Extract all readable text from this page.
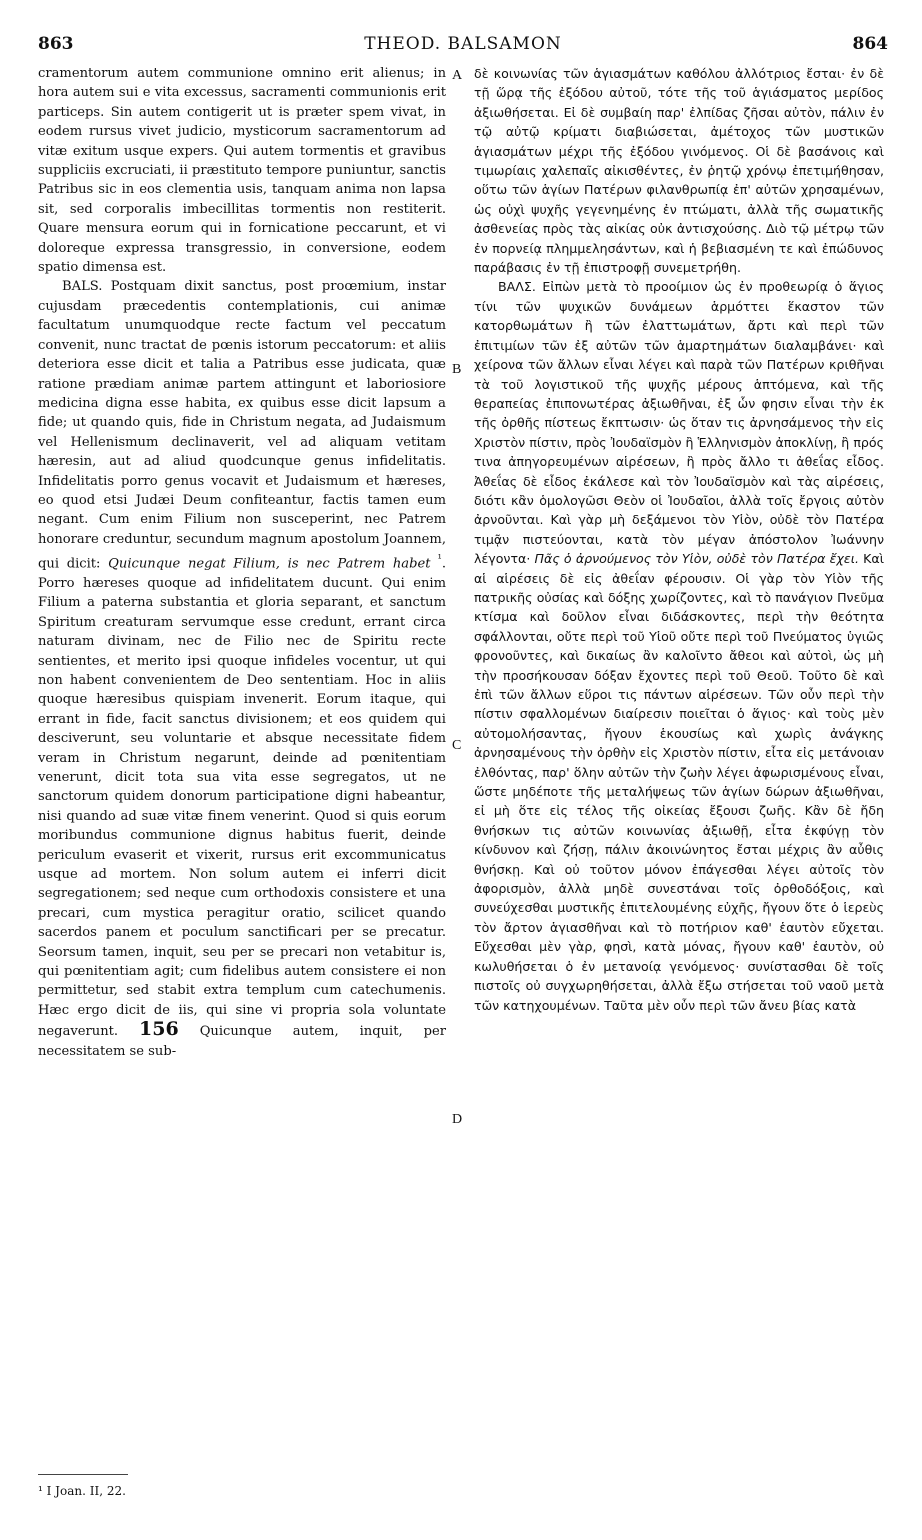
863	THEOD. BALSAMON	864

cramentorum autem communione omnino erit alienus; in hora autem sui e vita excessus, sacramenti communionis erit particeps. Sin autem contigerit ut is præter spem vivat, in eodem rursus vivet judicio, mysticorum sacramentorum ad vitæ exitum usque expers. Qui autem tormentis et gravibus suppliciis excruciati, ii præstituto tempore puniuntur, sanctis Patribus sic in eos clementia usis, tanquam anima non lapsa sit, sed corporalis imbecillitas tormentis non restiterit. Quare mensura eorum qui in fornicatione peccarunt, et vi doloreque expressa transgressio, in conversione, eodem spatio dimensa est.

BALS. Postquam dixit sanctus, post proœmium, instar cujusdam præcedentis contemplationis, cui animæ facultatum unumquodque recte factum vel peccatum convenit, nunc tractat de pœnis istorum peccatorum: et aliis deteriora esse dicit et talia a Patribus esse judicata, quæ ratione prædiam animæ partem attingunt et laboriosiore medicina digna esse habita, ex quibus esse dicit lapsum a fide; ut quando quis, fide in Christum negata, ad Judaismum vel Hellenismum declinaverit, vel ad aliquam vetitam hæresin, aut ad aliud quodcunque genus infidelitatis. Infidelitatis porro genus vocavit et Judaismum et hæreses, eo quod etsi Judæi Deum confiteantur, factis tamen eum negant. Cum enim Filium non susceperint, nec Patrem honorare creduntur, secundum magnum apostolum Joannem, qui dicit: Quicunque negat Filium, is nec Patrem habet $^{^1}$. Porro hæreses quoque ad infidelitatem ducunt. Qui enim Filium a paterna substantia et gloria separant, et sanctum Spiritum creaturam servumque esse credunt, errant circa naturam divinam, nec de Filio nec de Spiritu recte sentientes, et merito ipsi quoque infideles vocentur, ut qui non habent convenientem de Deo sententiam. Hoc in aliis quoque hæresibus quispiam invenerit. Eorum itaque, qui errant in fide, facit sanctus divisionem; et eos quidem qui desciverunt, seu voluntarie et absque necessitate fidem veram in Christum negarunt, deinde ad pœnitentiam venerunt, dicit tota sua vita esse segregatos, ut ne sanctorum quidem donorum participatione digni habeantur, nisi quando ad suæ vitæ finem venerint. Quod si quis eorum moribundus communione dignus habitus fuerit, deinde periculum evaserit et vixerit, rursus erit excommunicatus usque ad mortem. Non solum autem ei inferri dicit segregationem; sed neque cum orthodoxis consistere et una precari, cum mystica peragitur oratio, scilicet quando sacerdos panem et poculum sanctificari per se precatur. Seorsum tamen, inquit, seu per se precari non vetabitur is, qui pœnitentiam agit; cum fidelibus autem consistere ei non permittetur, sed stabit extra templum cum catechumenis. Hæc ergo dicit de iis, qui sine vi propria sola voluntate negaverunt. 156 Quicunque autem, inquit, per necessitatem se sub-

δὲ κοινωνίας τῶν ἁγιασμάτων καθόλου ἀλλότριος ἔσται· ἐν δὲ τῇ ὥρᾳ τῆς ἐξόδου αὐτοῦ, τότε τῆς τοῦ ἁγιάσματος μερίδος ἀξιωθήσεται. Εἰ δὲ συμβαίη παρ' ἐλπίδας ζῆσαι αὐτὸν, πάλιν ἐν τῷ αὐτῷ κρίματι διαβιώσεται, ἀμέτοχος τῶν μυστικῶν ἁγιασμάτων μέχρι τῆς ἐξόδου γινόμενος. Οἱ δὲ βασάνοις καὶ τιμωρίαις χαλεπαῖς αἰκισθέντες, ἐν ῥητῷ χρόνῳ ἐπετιμήθησαν, οὕτω τῶν ἁγίων Πατέρων φιλανθρωπίᾳ ἐπ' αὐτῶν χρησαμένων, ὡς οὐχὶ ψυχῆς γεγενημένης ἐν πτώματι, ἀλλὰ τῆς σωματικῆς ἀσθενείας πρὸς τὰς αἰκίας οὐκ ἀντισχούσης. Διὸ τῷ μέτρῳ τῶν ἐν πορνείᾳ πλημμελησάντων, καὶ ἡ βεβιασμένη τε καὶ ἐπώδυνος παράβασις ἐν τῇ ἐπιστροφῇ συνεμετρήθη.

ΒΑΛΣ. Εἰπὼν μετὰ τὸ προοίμιον ὡς ἐν προθεωρίᾳ ὁ ἅγιος τίνι τῶν ψυχικῶν δυνάμεων ἁρμόττει ἕκαστον τῶν κατορθωμάτων ἢ τῶν ἐλαττωμάτων, ἄρτι καὶ περὶ τῶν ἐπιτιμίων τῶν ἐξ αὐτῶν τῶν ἁμαρτημάτων διαλαμβάνει· καὶ χείρονα τῶν ἄλλων εἶναι λέγει καὶ παρὰ τῶν Πατέρων κριθῆναι τὰ τοῦ λογιστικοῦ τῆς ψυχῆς μέρους ἁπτόμενα, καὶ τῆς θεραπείας ἐπιπονωτέρας ἀξιωθῆναι, ἐξ ὧν φησιν εἶναι τὴν ἐκ τῆς ὀρθῆς πίστεως ἔκπτωσιν· ὡς ὅταν τις ἀρνησάμενος τὴν εἰς Χριστὸν πίστιν, πρὸς Ἰουδαϊσμὸν ἢ Ἑλληνισμὸν ἀποκλίνῃ, ἢ πρός τινα ἀπηγορευμένων αἱρέσεων, ἢ πρὸς ἄλλο τι ἀθεΐας εἶδος. Ἀθεΐας δὲ εἶδος ἐκάλεσε καὶ τὸν Ἰουδαϊσμὸν καὶ τὰς αἱρέσεις, διότι κἂν ὁμολογῶσι Θεὸν οἱ Ἰουδαῖοι, ἀλλὰ τοῖς ἔργοις αὐτὸν ἀρνοῦνται. Καὶ γὰρ μὴ δεξάμενοι τὸν Υἱὸν, οὐδὲ τὸν Πατέρα τιμᾷν πιστεύονται, κατὰ τὸν μέγαν ἀπόστολον Ἰωάννην λέγοντα· Πᾶς ὁ ἀρνούμενος τὸν Υἱὸν, οὐδὲ τὸν Πατέρα ἔχει. Καὶ αἱ αἱρέσεις δὲ εἰς ἀθεΐαν φέρουσιν. Οἱ γὰρ τὸν Υἱὸν τῆς πατρικῆς οὐσίας καὶ δόξης χωρίζοντες, καὶ τὸ πανάγιον Πνεῦμα κτίσμα καὶ δοῦλον εἶναι διδάσκοντες, περὶ τὴν θεότητα σφάλλονται, οὔτε περὶ τοῦ Υἱοῦ οὔτε περὶ τοῦ Πνεύματος ὑγιῶς φρονοῦντες, καὶ δικαίως ἂν καλοῖντο ἄθεοι καὶ αὐτοὶ, ὡς μὴ τὴν προσήκουσαν δόξαν ἔχοντες περὶ τοῦ Θεοῦ. Τοῦτο δὲ καὶ ἐπὶ τῶν ἄλλων εὕροι τις πάντων αἱρέσεων. Τῶν οὖν περὶ τὴν πίστιν σφαλλομένων διαίρεσιν ποιεῖται ὁ ἅγιος· καὶ τοὺς μὲν αὐτομολήσαντας, ἤγουν ἑκουσίως καὶ χωρὶς ἀνάγκης ἀρνησαμένους τὴν ὀρθὴν εἰς Χριστὸν πίστιν, εἶτα εἰς μετάνοιαν ἐλθόντας, παρ' ὅλην αὐτῶν τὴν ζωὴν λέγει ἀφωρισμένους εἶναι, ὥστε μηδέποτε τῆς μεταλήψεως τῶν ἁγίων δώρων ἀξιωθῆναι, εἰ μὴ ὅτε εἰς τέλος τῆς οἰκείας ἔξουσι ζωῆς. Κἂν δὲ ἤδη θνήσκων τις αὐτῶν κοινωνίας ἀξιωθῇ, εἶτα ἐκφύγῃ τὸν κίνδυνον καὶ ζήσῃ, πάλιν ἀκοινώνητος ἔσται μέχρις ἂν αὖθις θνήσκῃ. Καὶ οὐ τοῦτον μόνον ἐπάγεσθαι λέγει αὐτοῖς τὸν ἀφορισμὸν, ἀλλὰ μηδὲ συνεστάναι τοῖς ὀρθοδόξοις, καὶ συνεύχεσθαι μυστικῆς ἐπιτελουμένης εὐχῆς, ἤγουν ὅτε ὁ ἱερεὺς τὸν ἄρτον ἁγιασθῆναι καὶ τὸ ποτήριον καθ' ἑαυτὸν εὔχεται. Εὔχεσθαι μὲν γὰρ, φησὶ, κατὰ μόνας, ἤγουν καθ' ἑαυτὸν, οὐ κωλυθήσεται ὁ ἐν μετανοίᾳ γενόμενος· συνίστασθαι δὲ τοῖς πιστοῖς οὐ συγχωρηθήσεται, ἀλλὰ ἔξω στήσεται τοῦ ναοῦ μετὰ τῶν κατηχουμένων. Ταῦτα μὲν οὖν περὶ τῶν ἄνευ βίας κατὰ

A
B
C
D
¹ I Joan. II, 22.
